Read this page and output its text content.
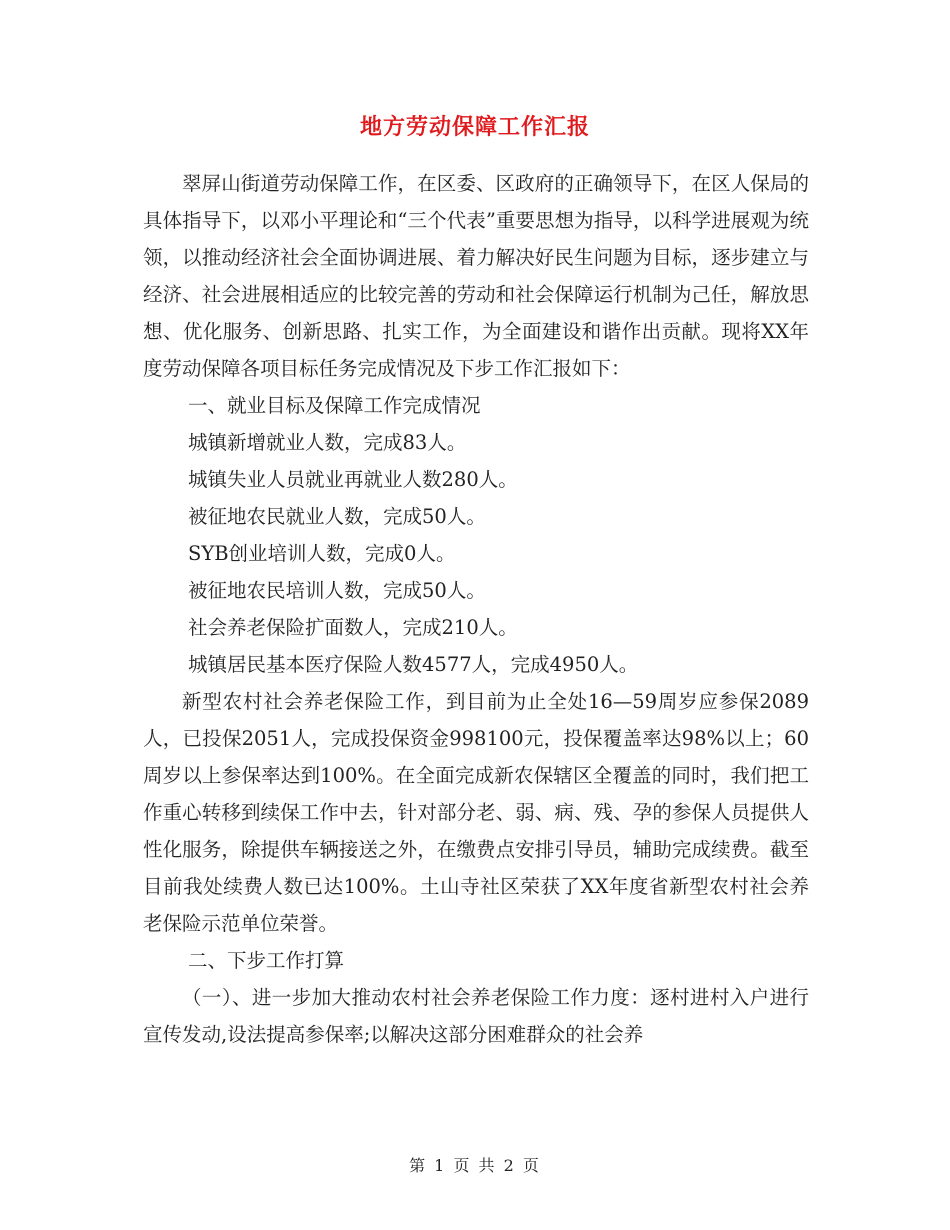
地方劳动保障工作汇报

翠屏山街道劳动保障工作，在区委、区政府的正确领导下，在区人保局的具体指导下，以邓小平理论和“三个代表”重要思想为指导，以科学进展观为统领，以推动经济社会全面协调进展、着力解决好民生问题为目标，逐步建立与经济、社会进展相适应的比较完善的劳动和社会保障运行机制为己任，解放思想、优化服务、创新思路、扎实工作，为全面建设和谐作出贡献。现将XX年度劳动保障各项目标任务完成情况及下步工作汇报如下：

一、就业目标及保障工作完成情况

城镇新增就业人数，完成83人。

城镇失业人员就业再就业人数280人。

被征地农民就业人数，完成50人。

SYB创业培训人数，完成0人。

被征地农民培训人数，完成50人。

社会养老保险扩面数人，完成210人。

城镇居民基本医疗保险人数4577人，完成4950人。

新型农村社会养老保险工作，到目前为止全处16—59周岁应参保2089人，已投保2051人，完成投保资金998100元，投保覆盖率达98%以上；60周岁以上参保率达到100%。在全面完成新农保辖区全覆盖的同时，我们把工作重心转移到续保工作中去，针对部分老、弱、病、残、孕的参保人员提供人性化服务，除提供车辆接送之外，在缴费点安排引导员，辅助完成续费。截至目前我处续费人数已达100%。土山寺社区荣获了XX年度省新型农村社会养老保险示范单位荣誉。

二、下步工作打算

（一）、进一步加大推动农村社会养老保险工作力度：逐村进村入户进行宣传发动,设法提高参保率;以解决这部分困难群众的社会养

第 1 页 共 2 页
